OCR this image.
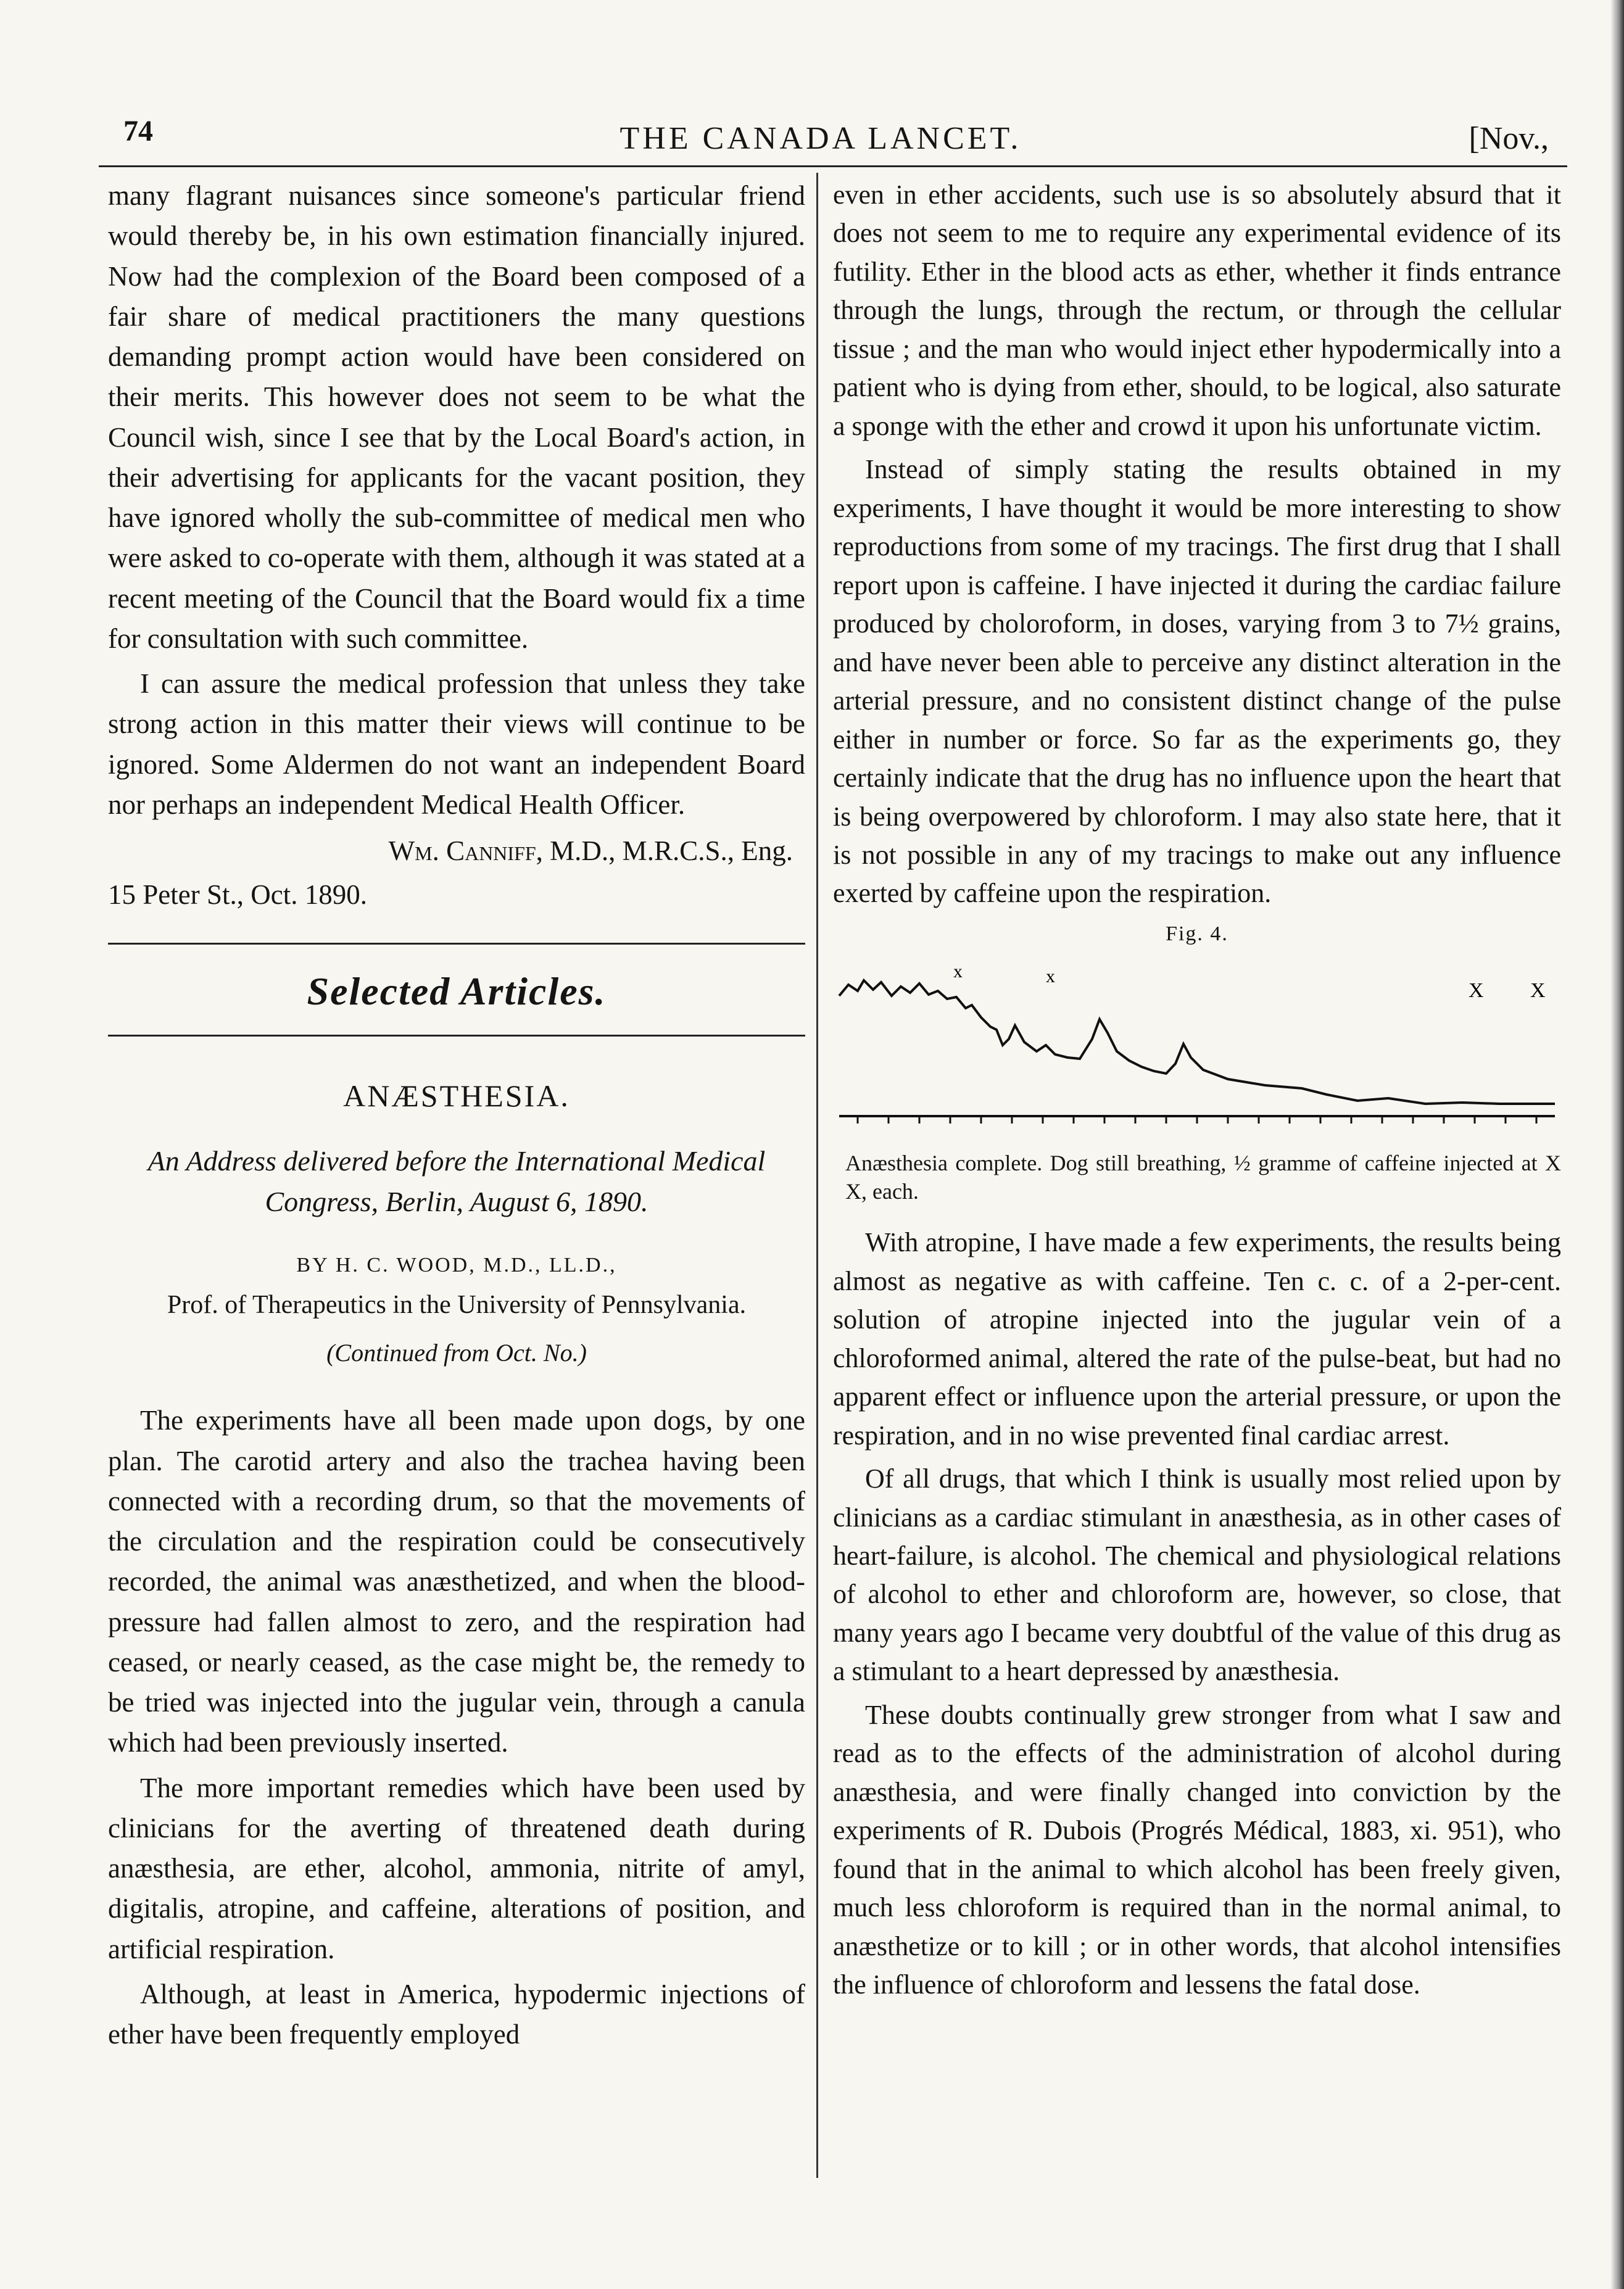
74	THE CANADA LANCET.	[Nov.,

many flagrant nuisances since someone's particular friend would thereby be, in his own estimation financially injured. Now had the complexion of the Board been composed of a fair share of medical practitioners the many questions demanding prompt action would have been considered on their merits. This however does not seem to be what the Council wish, since I see that by the Local Board's action, in their advertising for applicants for the vacant position, they have ignored wholly the sub-committee of medical men who were asked to co-operate with them, although it was stated at a recent meeting of the Council that the Board would fix a time for consultation with such committee.

I can assure the medical profession that unless they take strong action in this matter their views will continue to be ignored. Some Aldermen do not want an independent Board nor perhaps an independent Medical Health Officer.

Wm. Canniff, M.D., M.R.C.S., Eng.
15 Peter St., Oct. 1890.
Selected Articles.
ANÆSTHESIA.
An Address delivered before the International Medical Congress, Berlin, August 6, 1890.
BY H. C. WOOD, M.D., LL.D.,
Prof. of Therapeutics in the University of Pennsylvania.
(Continued from Oct. No.)

The experiments have all been made upon dogs, by one plan. The carotid artery and also the trachea having been connected with a recording drum, so that the movements of the circulation and the respiration could be consecutively recorded, the animal was anæsthetized, and when the blood-pressure had fallen almost to zero, and the respiration had ceased, or nearly ceased, as the case might be, the remedy to be tried was injected into the jugular vein, through a canula which had been previously inserted.

The more important remedies which have been used by clinicians for the averting of threatened death during anæsthesia, are ether, alcohol, ammonia, nitrite of amyl, digitalis, atropine, and caffeine, alterations of position, and artificial respiration.

Although, at least in America, hypodermic injections of ether have been frequently employed

even in ether accidents, such use is so absolutely absurd that it does not seem to me to require any experimental evidence of its futility. Ether in the blood acts as ether, whether it finds entrance through the lungs, through the rectum, or through the cellular tissue ; and the man who would inject ether hypodermically into a patient who is dying from ether, should, to be logical, also saturate a sponge with the ether and crowd it upon his unfortunate victim.

Instead of simply stating the results obtained in my experiments, I have thought it would be more interesting to show reproductions from some of my tracings. The first drug that I shall report upon is caffeine. I have injected it during the cardiac failure produced by choloroform, in doses, varying from 3 to 7½ grains, and have never been able to perceive any distinct alteration in the arterial pressure, and no consistent distinct change of the pulse either in number or force. So far as the experiments go, they certainly indicate that the drug has no influence upon the heart that is being overpowered by chloroform. I may also state here, that it is not possible in any of my tracings to make out any influence exerted by caffeine upon the respiration.

Fig. 4.
x	x
X X
Anæsthesia complete. Dog still breathing, ½ gramme of caffeine injected at X X, each.

With atropine, I have made a few experiments, the results being almost as negative as with caffeine. Ten c. c. of a 2-per-cent. solution of atropine injected into the jugular vein of a chloroformed animal, altered the rate of the pulse-beat, but had no apparent effect or influence upon the arterial pressure, or upon the respiration, and in no wise prevented final cardiac arrest.

Of all drugs, that which I think is usually most relied upon by clinicians as a cardiac stimulant in anæsthesia, as in other cases of heart-failure, is alcohol. The chemical and physiological relations of alcohol to ether and chloroform are, however, so close, that many years ago I became very doubtful of the value of this drug as a stimulant to a heart depressed by anæsthesia.

These doubts continually grew stronger from what I saw and read as to the effects of the administration of alcohol during anæsthesia, and were finally changed into conviction by the experiments of R. Dubois (Progrés Médical, 1883, xi. 951), who found that in the animal to which alcohol has been freely given, much less chloroform is required than in the normal animal, to anæsthetize or to kill ; or in other words, that alcohol intensifies the influence of chloroform and lessens the fatal dose.
